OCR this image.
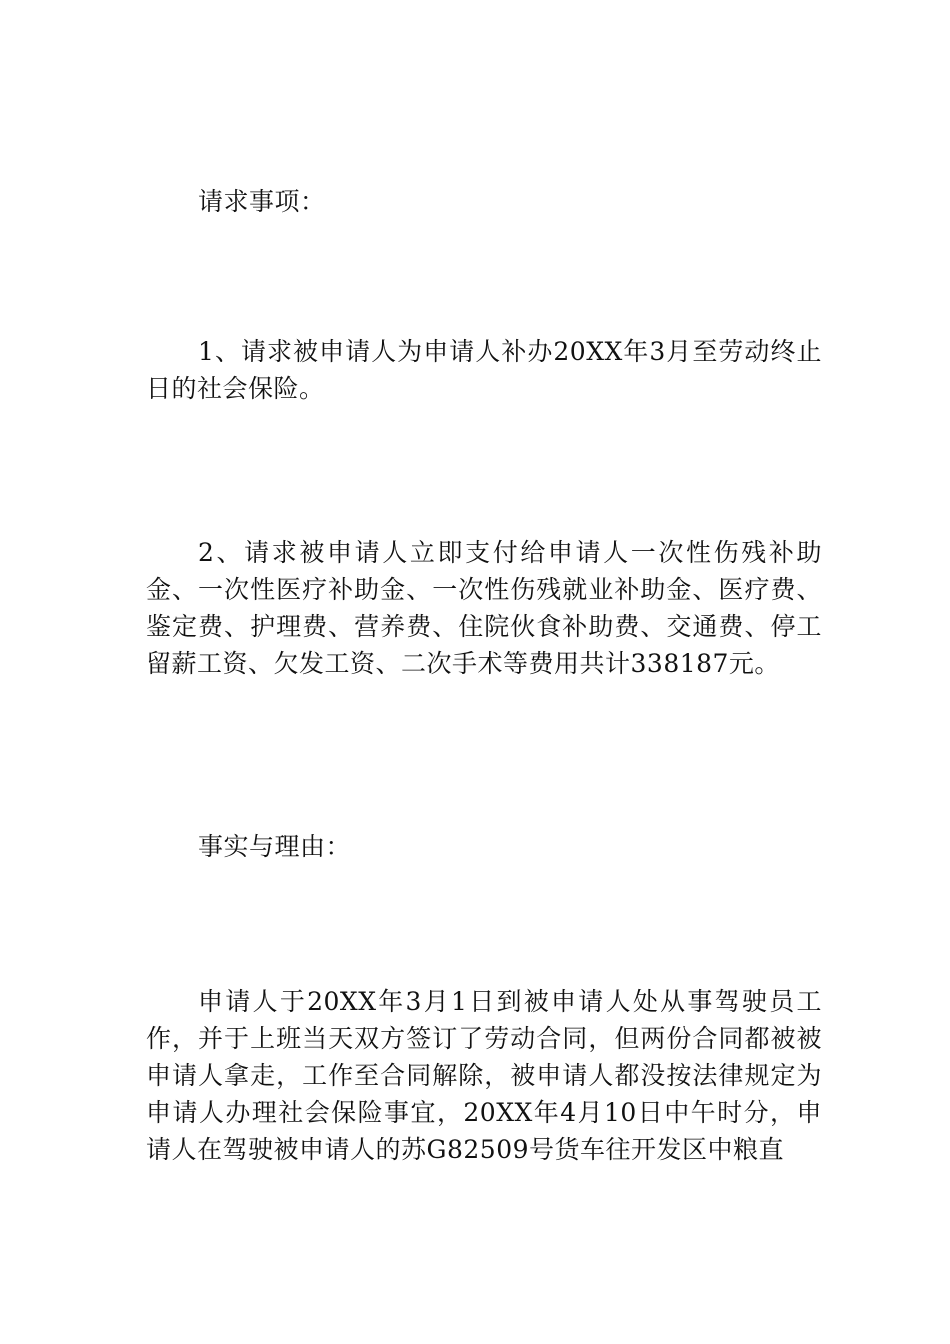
请求事项：

1、请求被申请人为申请人补办20XX年3月至劳动终止日的社会保险。

2、请求被申请人立即支付给申请人一次性伤残补助金、一次性医疗补助金、一次性伤残就业补助金、医疗费、鉴定费、护理费、营养费、住院伙食补助费、交通费、停工留薪工资、欠发工资、二次手术等费用共计338187元。

事实与理由：

申请人于20XX年3月1日到被申请人处从事驾驶员工作，并于上班当天双方签订了劳动合同，但两份合同都被被申请人拿走，工作至合同解除，被申请人都没按法律规定为申请人办理社会保险事宜，20XX年4月10日中午时分，申请人在驾驶被申请人的苏G82509号货车往开发区中粮直
